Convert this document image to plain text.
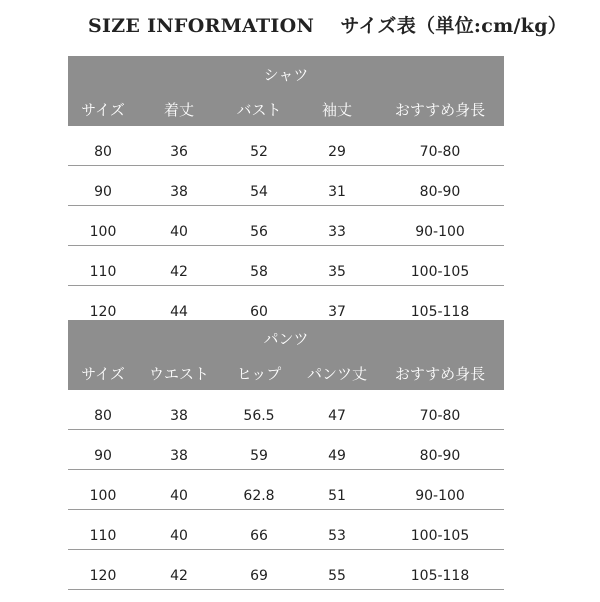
SIZE INFORMATION　 サイズ表（単位:cm/kg）
シャツ
サイズ	着丈	バスト	袖丈	おすすめ身長
80	36	52	29	70-80
90	38	54	31	80-90
100	40	56	33	90-100
110	42	58	35	100-105
120	44	60	37	105-118
パンツ
サイズ	ウエスト	ヒップ	パンツ丈	おすすめ身長
80	38	56.5	47	70-80
90	38	59	49	80-90
100	40	62.8	51	90-100
110	40	66	53	100-105
120	42	69	55	105-118
